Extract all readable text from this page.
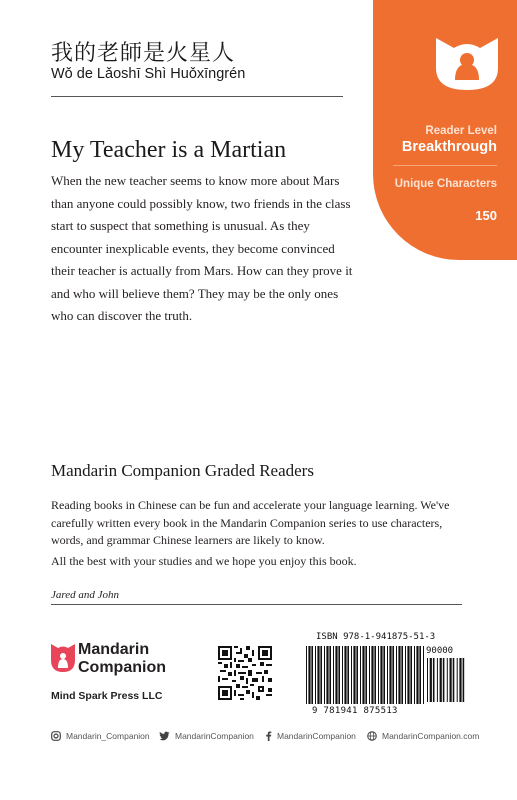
我的老師是火星人
Wǒ de Lǎoshī Shì Huǒxīngrén
Reader Level
Breakthrough
Unique Characters
150
My Teacher is a Martian

When the new teacher seems to know more about Mars than anyone could possibly know, two friends in the class start to suspect that something is unusual. As they encounter inexplicable events, they become convinced their teacher is actually from Mars. How can they prove it and who will believe them? They may be the only ones who can discover the truth.

Mandarin Companion Graded Readers

Reading books in Chinese can be fun and accelerate your language learning. We've carefully written every book in the Mandarin Companion series to use characters, words, and grammar Chinese learners are likely to know.

All the best with your studies and we hope you enjoy this book.
Jared and John
Mandarin
Companion
Mind Spark Press LLC
ISBN 978-1-941875-51-3
90000
9 781941 875513
Mandarin_Companion	MandarinCompanion	MandarinCompanion	MandarinCompanion.com
